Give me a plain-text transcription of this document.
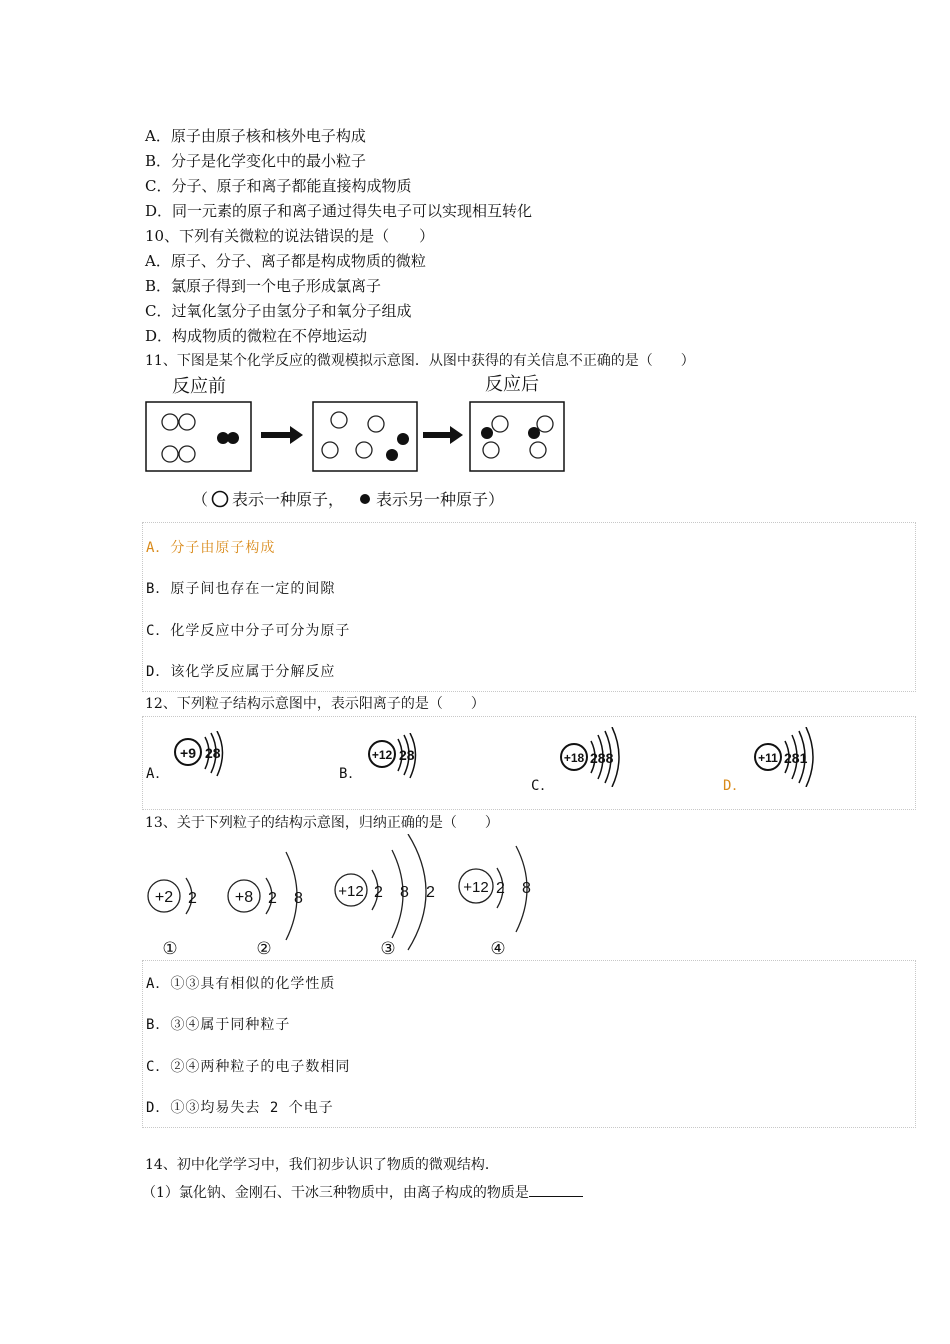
A．原子由原子核和核外电子构成
B．分子是化学变化中的最小粒子
C．分子、原子和离子都能直接构成物质
D．同一元素的原子和离子通过得失电子可以实现相互转化
10、下列有关微粒的说法错误的是（　　）
A．原子、分子、离子都是构成物质的微粒
B．氯原子得到一个电子形成氯离子
C．过氧化氢分子由氢分子和氧分子组成
D．构成物质的微粒在不停地运动
11、下图是某个化学反应的微观模拟示意图．从图中获得的有关信息不正确的是（　　）
反应前	反应后
（ 表示一种原子， 表示另一种原子）
A．分子由原子构成
B．原子间也存在一定的间隙
C．化学反应中分子可分为原子
D．该化学反应属于分解反应
12、下列粒子结构示意图中，表示阳离子的是（　　）
A．
+9 28
B．
+12 28
C．
+18 288
D．
+11 281
13、关于下列粒子的结构示意图，归纳正确的是（　　）
+2 2
①
+8 2 8
②
+12 2 8 2
③
+12 2 8
④
A．①③具有相似的化学性质
B．③④属于同种粒子
C．②④两种粒子的电子数相同
D．①③均易失去 2 个电子
14、初中化学学习中，我们初步认识了物质的微观结构．
（1）氯化钠、金刚石、干冰三种物质中，由离子构成的物质是
